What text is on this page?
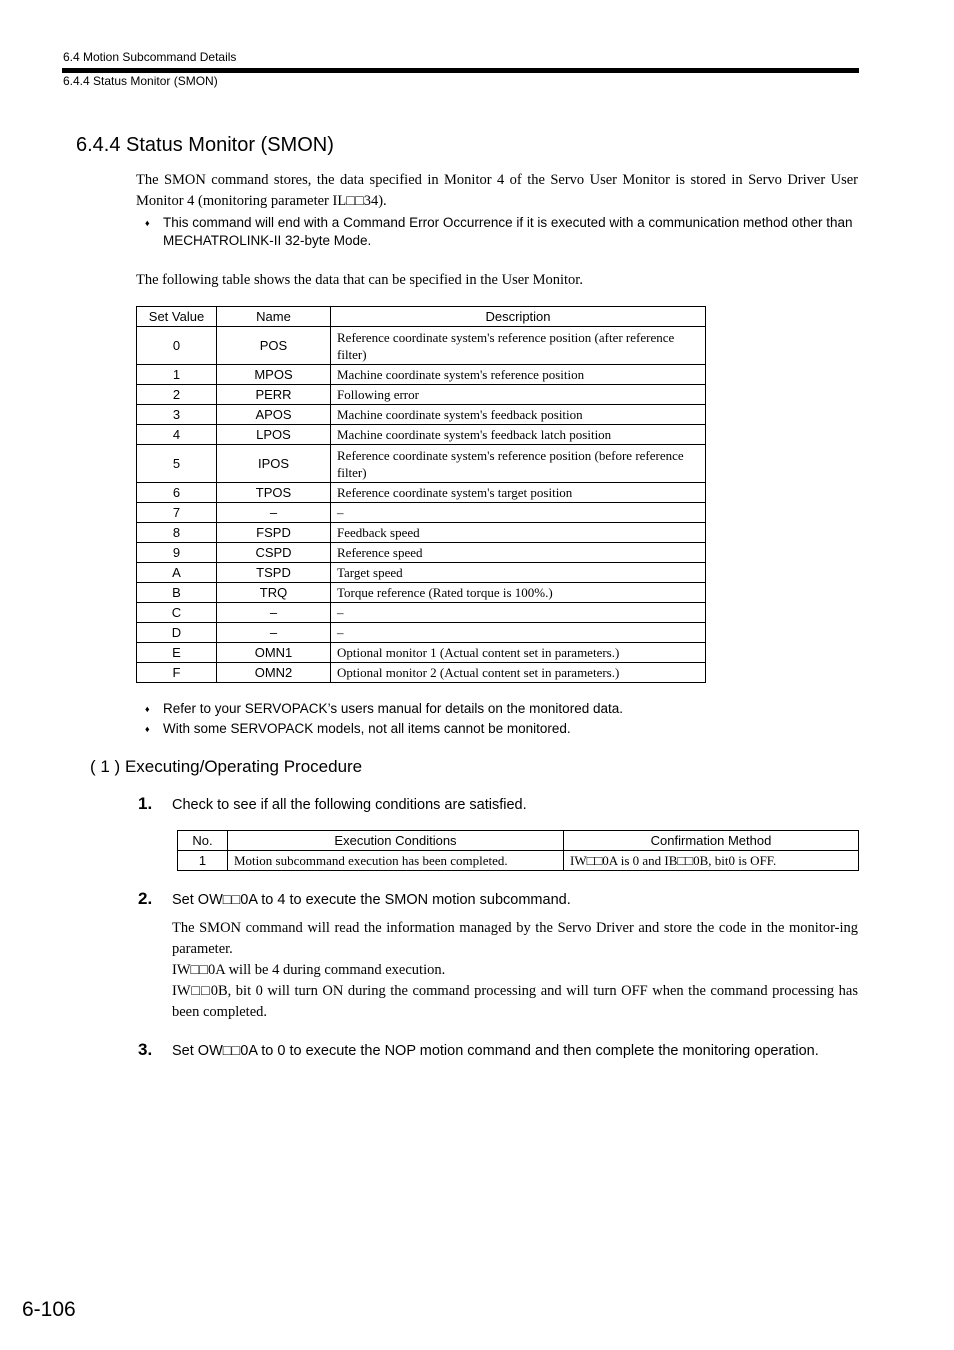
6.4 Motion Subcommand Details
6.4.4 Status Monitor (SMON)
6.4.4 Status Monitor (SMON)
The SMON command stores, the data specified in Monitor 4 of the Servo User Monitor is stored in Servo Driver User Monitor 4 (monitoring parameter IL□□34).
♦ This command will end with a Command Error Occurrence if it is executed with a communication method other than MECHATROLINK-II 32-byte Mode.
The following table shows the data that can be specified in the User Monitor.
Set Value	Name	Description
0	POS	Reference coordinate system's reference position (after reference filter)
1	MPOS	Machine coordinate system's reference position
2	PERR	Following error
3	APOS	Machine coordinate system's feedback position
4	LPOS	Machine coordinate system's feedback latch position
5	IPOS	Reference coordinate system's reference position (before reference filter)
6	TPOS	Reference coordinate system's target position
7	–	–
8	FSPD	Feedback speed
9	CSPD	Reference speed
A	TSPD	Target speed
B	TRQ	Torque reference (Rated torque is 100%.)
C	–	–
D	–	–
E	OMN1	Optional monitor 1 (Actual content set in parameters.)
F	OMN2	Optional monitor 2 (Actual content set in parameters.)
♦ Refer to your SERVOPACK’s users manual for details on the monitored data.
♦ With some SERVOPACK models, not all items cannot be monitored.
( 1 ) Executing/Operating Procedure
1. Check to see if all the following conditions are satisfied.
No.	Execution Conditions	Confirmation Method
1	Motion subcommand execution has been completed.	IW□□0A is 0 and IB□□0B, bit0 is OFF.
2. Set OW□□0A to 4 to execute the SMON motion subcommand.

The SMON command will read the information managed by the Servo Driver and store the code in the monitor-ing parameter.

IW□□0A will be 4 during command execution.

IW□□0B, bit 0 will turn ON during the command processing and will turn OFF when the command processing has been completed.

3. Set OW□□0A to 0 to execute the NOP motion command and then complete the monitoring operation.
6-106
